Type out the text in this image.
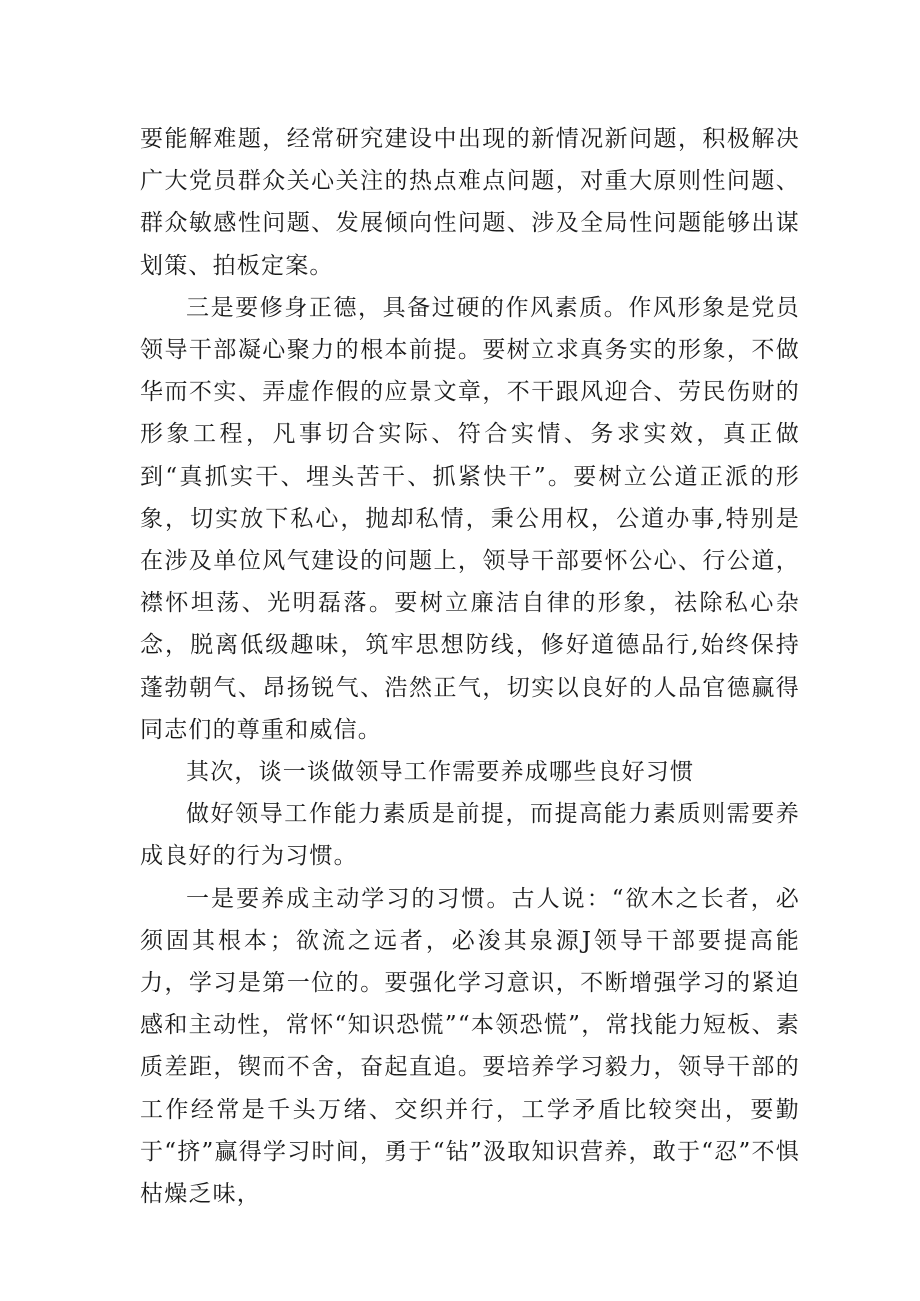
要能解难题，经常研究建设中出现的新情况新问题，积极解决广大党员群众关心关注的热点难点问题，对重大原则性问题、群众敏感性问题、发展倾向性问题、涉及全局性问题能够出谋划策、拍板定案。

三是要修身正德，具备过硬的作风素质。作风形象是党员领导干部凝心聚力的根本前提。要树立求真务实的形象，不做华而不实、弄虚作假的应景文章，不干跟风迎合、劳民伤财的形象工程，凡事切合实际、符合实情、务求实效，真正做到“真抓实干、埋头苦干、抓紧快干”。要树立公道正派的形象，切实放下私心，抛却私情，秉公用权，公道办事,特别是在涉及单位风气建设的问题上，领导干部要怀公心、行公道，襟怀坦荡、光明磊落。要树立廉洁自律的形象，祛除私心杂念，脱离低级趣味，筑牢思想防线，修好道德品行,始终保持蓬勃朝气、昂扬锐气、浩然正气，切实以良好的人品官德赢得同志们的尊重和威信。

其次，谈一谈做领导工作需要养成哪些良好习惯

做好领导工作能力素质是前提，而提高能力素质则需要养成良好的行为习惯。

一是要养成主动学习的习惯。古人说：“欲木之长者，必须固其根本；欲流之远者，必浚其泉源J领导干部要提高能力，学习是第一位的。要强化学习意识，不断增强学习的紧迫感和主动性，常怀“知识恐慌”“本领恐慌”，常找能力短板、素质差距，锲而不舍，奋起直追。要培养学习毅力，领导干部的工作经常是千头万绪、交织并行，工学矛盾比较突出，要勤于“挤”赢得学习时间，勇于“钻”汲取知识营养，敢于“忍”不惧枯燥乏味，
